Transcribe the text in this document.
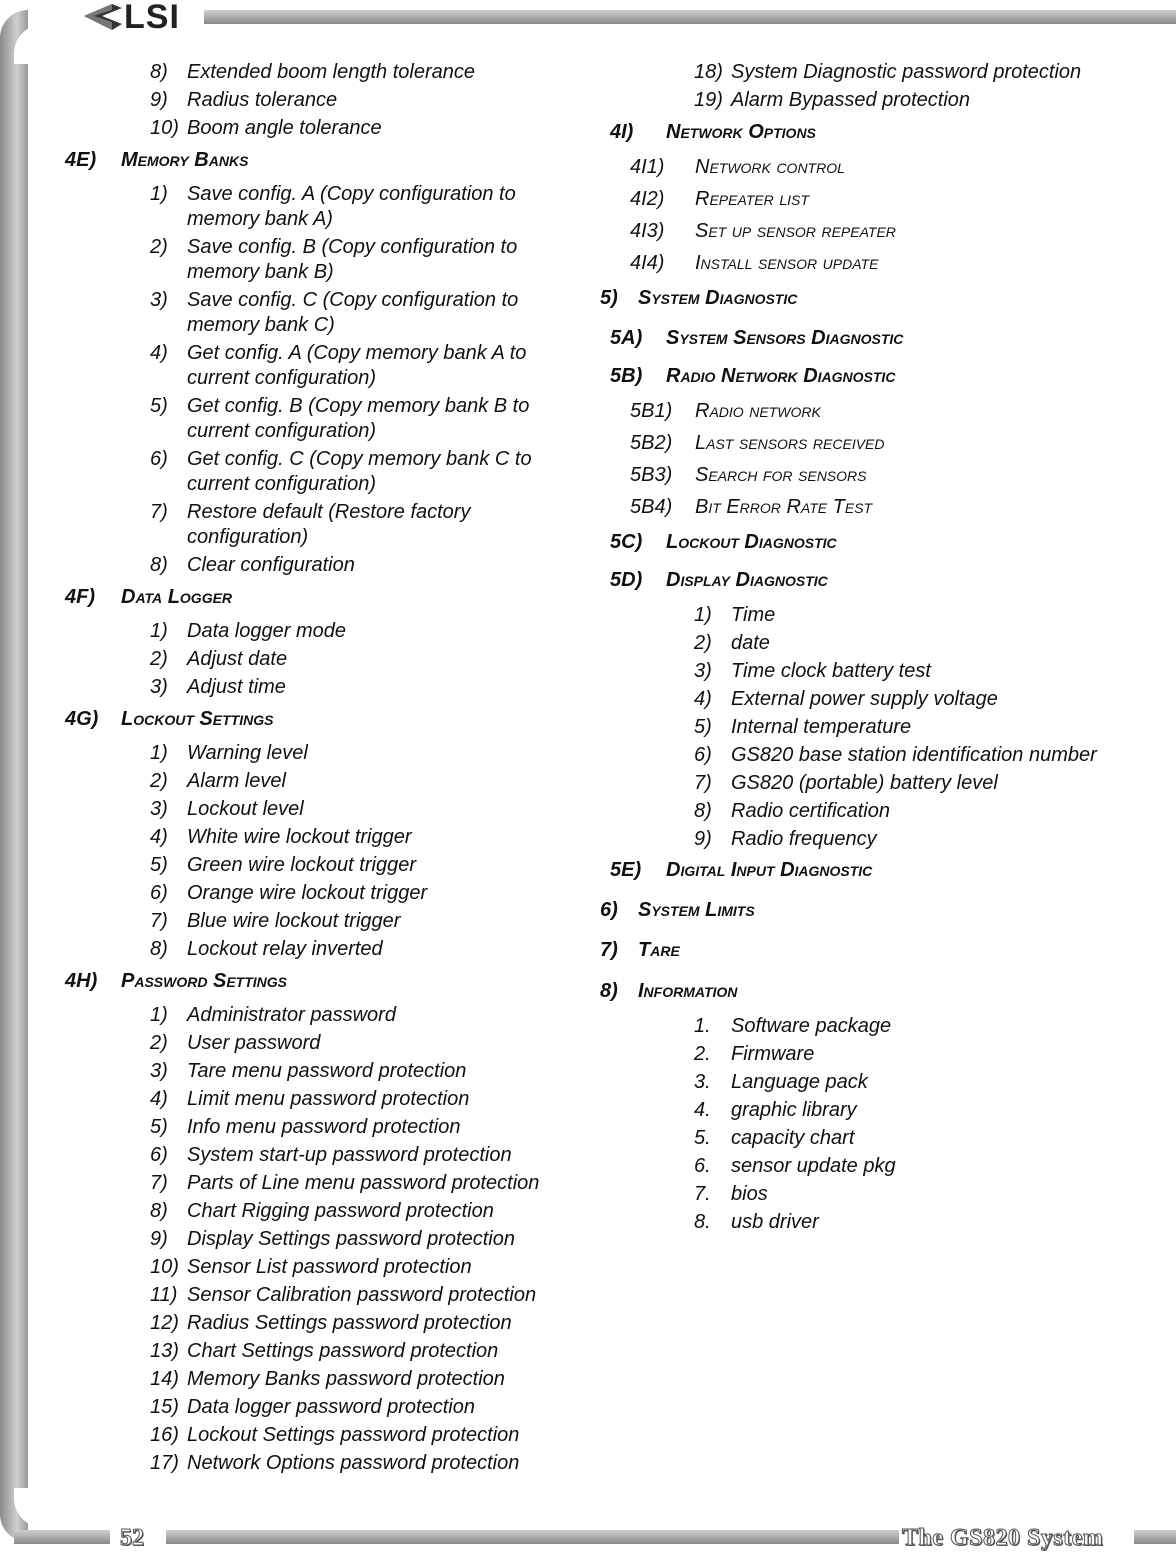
LSI
52	The GS820 System
8) Extended boom length tolerance
9) Radius tolerance
10) Boom angle tolerance
4E) Memory Banks
1) Save config. A (Copy configuration to
memory bank A)
2) Save config. B (Copy configuration to
memory bank B)
3) Save config. C (Copy configuration to
memory bank C)
4) Get config. A (Copy memory bank A to
current configuration)
5) Get config. B (Copy memory bank B to
current configuration)
6) Get config. C (Copy memory bank C to
current configuration)
7) Restore default (Restore factory
configuration)
8) Clear configuration
4F) Data Logger
1) Data logger mode
2) Adjust date
3) Adjust time
4G) Lockout Settings
1) Warning level
2) Alarm level
3) Lockout level
4) White wire lockout trigger
5) Green wire lockout trigger
6) Orange wire lockout trigger
7) Blue wire lockout trigger
8) Lockout relay inverted
4H) Password Settings
1) Administrator password
2) User password
3) Tare menu password protection
4) Limit menu password protection
5) Info menu password protection
6) System start-up password protection
7) Parts of Line menu password protection
8) Chart Rigging password protection
9) Display Settings password protection
10) Sensor List password protection
11) Sensor Calibration password protection
12) Radius Settings password protection
13) Chart Settings password protection
14) Memory Banks password protection
15) Data logger password protection
16) Lockout Settings password protection
17) Network Options password protection
18) System Diagnostic password protection
19) Alarm Bypassed protection
4I) Network Options
4I1) Network control
4I2) Repeater list
4I3) Set up sensor repeater
4I4) Install sensor update
5) System Diagnostic
5A) System Sensors Diagnostic
5B) Radio Network Diagnostic
5B1) Radio network
5B2) Last sensors received
5B3) Search for sensors
5B4) Bit Error Rate Test
5C) Lockout Diagnostic
5D) Display Diagnostic
1) Time
2) date
3) Time clock battery test
4) External power supply voltage
5) Internal temperature
6) GS820 base station identification number
7) GS820 (portable) battery level
8) Radio certification
9) Radio frequency
5E) Digital Input Diagnostic
6) System Limits
7) Tare
8) Information
1. Software package
2. Firmware
3. Language pack
4. graphic library
5. capacity chart
6. sensor update pkg
7. bios
8. usb driver
